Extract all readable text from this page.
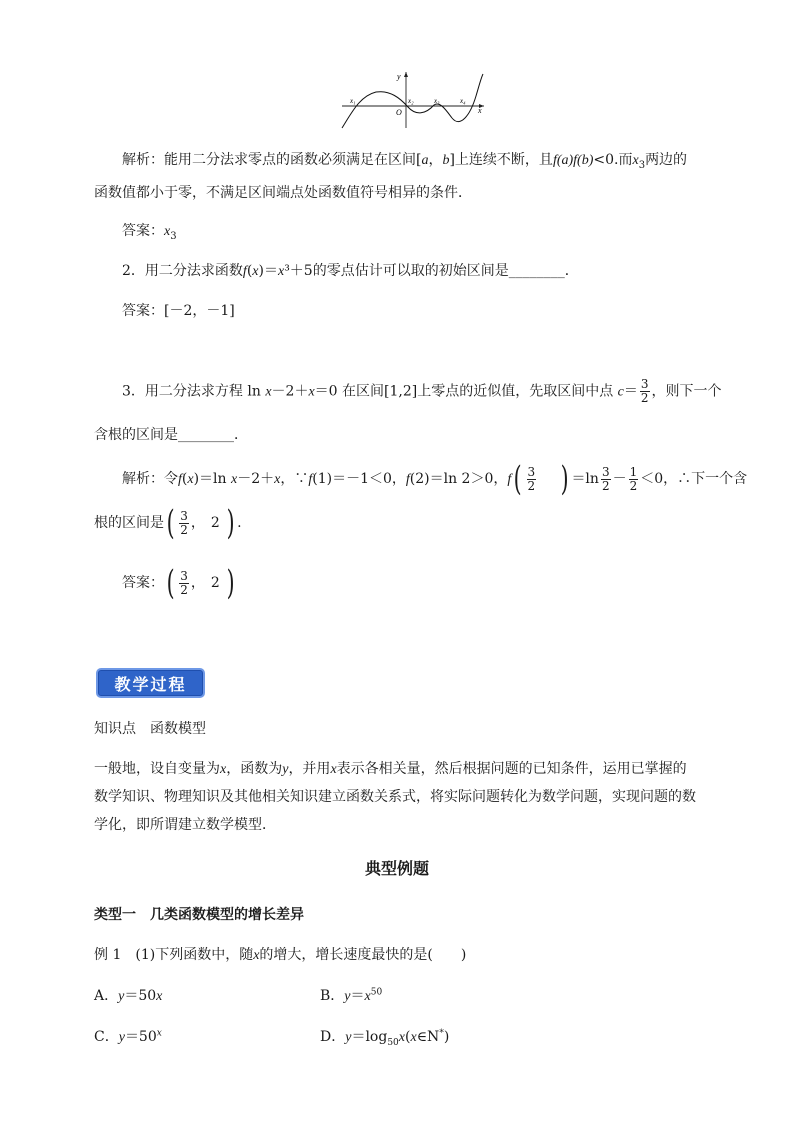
y
x
O
x₁	x₂	x₃	x₄
解析：能用二分法求零点的函数必须满足在区间[a，b]上连续不断，且f(a)f(b)<0.而$x_3$两边的
函数值都小于零，不满足区间端点处函数值符号相异的条件．
答案：$x_3$
2．用二分法求函数f(x)＝x³＋5的零点估计可以取的初始区间是________．
答案：[－2，－1]
3．用二分法求方程 ln x－2＋x＝0 在区间[1,2]上零点的近似值，先取区间中点 $c= \frac{3}{2}$ ，则下一个
含根的区间是________．
解析：令f(x)＝ln x－2＋x，∵f(1)＝－1＜0，f(2)＝ln 2＞0，$f( \frac{3}{2}$ ) $=\ln \frac{3}{2} - \frac{1}{2} <0$，∴下一个含
根的区间是( $\frac{3}{2}$ ， 2 ) .
答案：( $\frac{3}{2}$ ， 2 )
教学过程
知识点　函数模型
一般地，设自变量为x，函数为y，并用x表示各相关量，然后根据问题的已知条件，运用已掌握的
数学知识、物理知识及其他相关知识建立函数关系式，将实际问题转化为数学问题，实现问题的数
学化，即所谓建立数学模型．
典型例题
类型一　几类函数模型的增长差异
例 1　(1)下列函数中，随x的增大，增长速度最快的是(　　)
A．y＝50x	B．$y=x^{50}$
C．$y=50^x$	D．$y=\log_{50}x(x\in N^*)$
